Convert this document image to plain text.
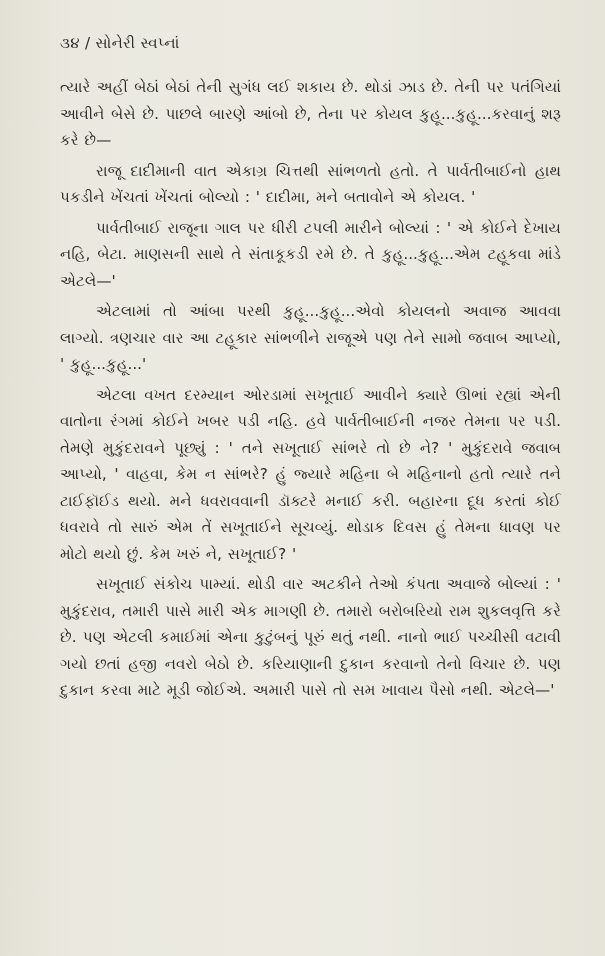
૩૪ / સોનેરી સ્વપ્નાં

ત્યારે અહીં બેઠાં બેઠાં તેની સુગંધ લઈ શકાય છે. થોડાં ઝાડ છે. તેની પર પતંગિયાં આવીને બેસે છે. પાછલે બારણે આંબો છે, તેના પર કોયલ કુહૂ...કુહૂ...કરવાનું શરૂ કરે છે—

રાજૂ દાદીમાની વાત એકાગ્ર ચિત્તથી સાંભળતો હતો. તે પાર્વતીબાઈનો હાથ પકડીને ખેંચતાં ખેંચતાં બોલ્યો : ' દાદીમા, મને બતાવોને એ કોયલ. '

પાર્વતીબાઈ રાજૂના ગાલ પર ધીરી ટપલી મારીને બોલ્યાં : ' એ કોઈને દેખાય નહિ, બેટા. માણસની સાથે તે સંતાકૂકડી રમે છે. તે કુહૂ...કુહૂ...એમ ટહૂકવા માંડે એટલે—'

એટલામાં તો આંબા પરથી કુહૂ...કુહૂ...એવો કોયલનો અવાજ આવવા લાગ્યો. ત્રણચાર વાર આ ટહૂકાર સાંભળીને રાજૂએ પણ તેને સામો જવાબ આપ્યો, ' કુહૂ...કુહૂ...'

એટલા વખત દરમ્યાન ઓરડામાં સખૂતાઈ આવીને ક્યારે ઊભાં રહ્યાં એની વાતોના રંગમાં કોઈને ખબર પડી નહિ. હવે પાર્વતીબાઈની નજર તેમના પર પડી. તેમણે મુકુંદરાવને પૂછ્યું : ' તને સખૂતાઈ સાંભરે તો છે ને? ' મુકુંદરાવે જવાબ આપ્યો, ' વાહવા, કેમ ન સાંભરે? હું જ્યારે મહિના બે મહિનાનો હતો ત્યારે તને ટાઈફૉઈડ થયો. મને ધવરાવવાની ડૉક્ટરે મનાઈ કરી. બહારના દૂધ કરતાં કોઈ ધવરાવે તો સારું એમ તેં સખૂતાઈને સૂચવ્યું. થોડાક દિવસ હું તેમના ધાવણ પર મોટો થયો છું. કેમ ખરું ને, સખૂતાઈ? '

સખૂતાઈ સંકોચ પામ્યાં. થોડી વાર અટકીને તેઓ કંપતા અવાજે બોલ્યાં : ' મુકુંદરાવ, તમારી પાસે મારી એક માગણી છે. તમારો બરોબરિયો રામ શુકલવૃત્તિ કરે છે. પણ એટલી કમાઈમાં એના કુટુંબનું પૂરું થતું નથી. નાનો ભાઈ પચ્ચીસી વટાવી ગયો છતાં હજી નવરો બેઠો છે. કરિયાણાની દુકાન કરવાનો તેનો વિચાર છે. પણ દુકાન કરવા માટે મૂડી જોઈએ. અમારી પાસે તો સમ ખાવાય પૈસો નથી. એટલે—'
